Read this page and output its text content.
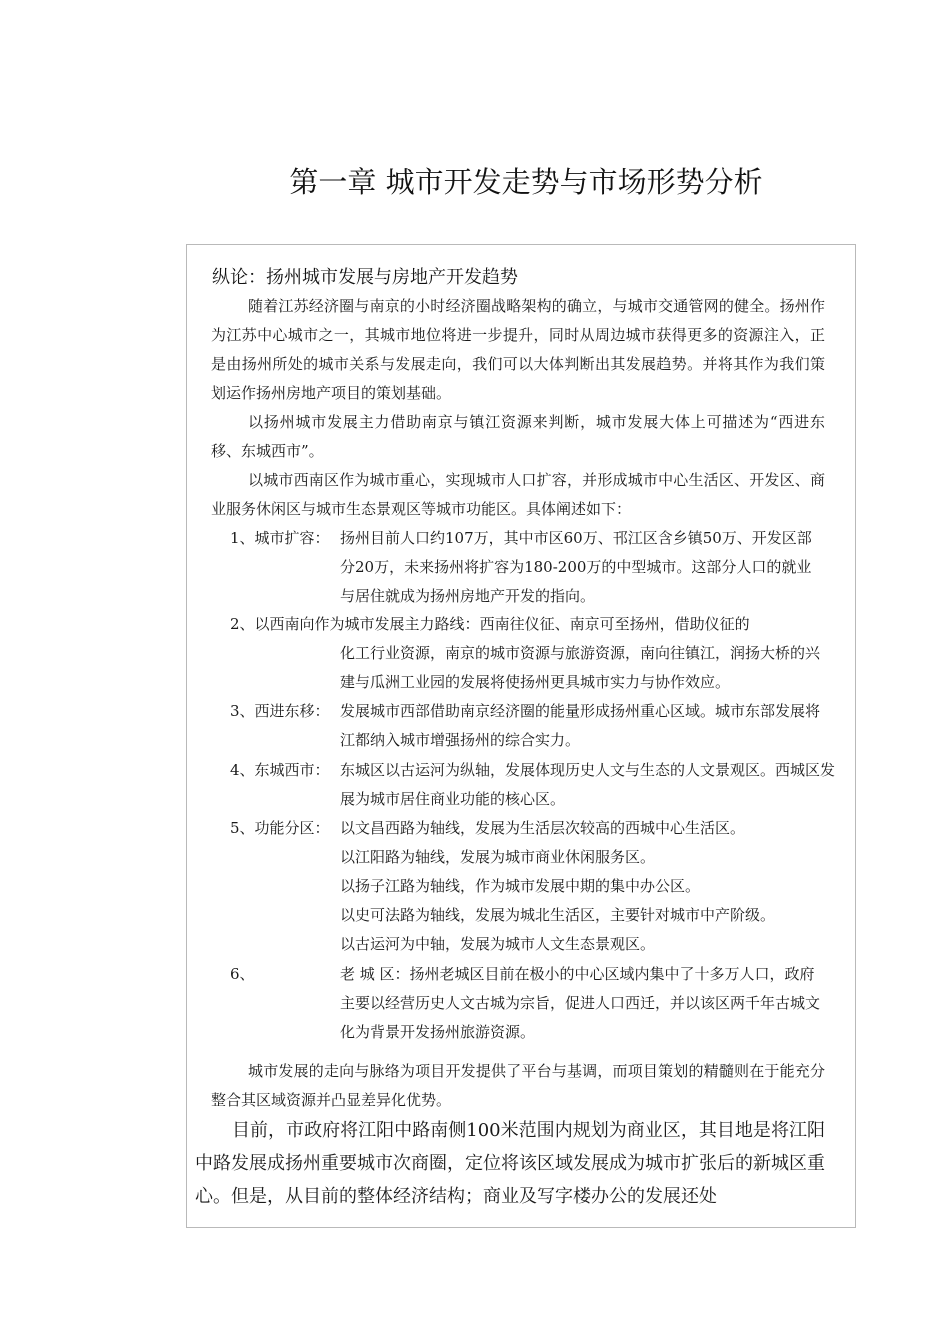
第一章 城市开发走势与市场形势分析
纵论：扬州城市发展与房地产开发趋势

随着江苏经济圈与南京的小时经济圈战略架构的确立，与城市交通管网的健全。扬州作为江苏中心城市之一，其城市地位将进一步提升，同时从周边城市获得更多的资源注入，正是由扬州所处的城市关系与发展走向，我们可以大体判断出其发展趋势。并将其作为我们策划运作扬州房地产项目的策划基础。

以扬州城市发展主力借助南京与镇江资源来判断，城市发展大体上可描述为“西进东移、东城西市”。

以城市西南区作为城市重心，实现城市人口扩容，并形成城市中心生活区、开发区、商业服务休闲区与城市生态景观区等城市功能区。具体阐述如下：

1、城市扩容： 扬州目前人口约107万，其中市区60万、邗江区含乡镇50万、开发区部分20万，未来扬州将扩容为180-200万的中型城市。这部分人口的就业与居住就成为扬州房地产开发的指向。

2、以西南向作为城市发展主力路线：西南往仪征、南京可至扬州，借助仪征的

化工行业资源，南京的城市资源与旅游资源，南向往镇江，润扬大桥的兴建与瓜洲工业园的发展将使扬州更具城市实力与协作效应。

3、西进东移： 发展城市西部借助南京经济圈的能量形成扬州重心区域。城市东部发展将江都纳入城市增强扬州的综合实力。

4、东城西市： 东城区以古运河为纵轴，发展体现历史人文与生态的人文景观区。西城区发展为城市居住商业功能的核心区。

5、功能分区： 以文昌西路为轴线，发展为生活层次较高的西城中心生活区。
以江阳路为轴线，发展为城市商业休闲服务区。
以扬子江路为轴线，作为城市发展中期的集中办公区。
以史可法路为轴线，发展为城北生活区，主要针对城市中产阶级。
以古运河为中轴，发展为城市人文生态景观区。
6、	老 城 区：扬州老城区目前在极小的中心区域内集中了十多万人口，政府主要以经营历史人文古城为宗旨，促进人口西迁，并以该区两千年古城文化为背景开发扬州旅游资源。

城市发展的走向与脉络为项目开发提供了平台与基调，而项目策划的精髓则在于能充分整合其区域资源并凸显差异化优势。

目前，市政府将江阳中路南侧100米范围内规划为商业区，其目地是将江阳中路发展成扬州重要城市次商圈，定位将该区域发展成为城市扩张后的新城区重心。但是，从目前的整体经济结构；商业及写字楼办公的发展还处
